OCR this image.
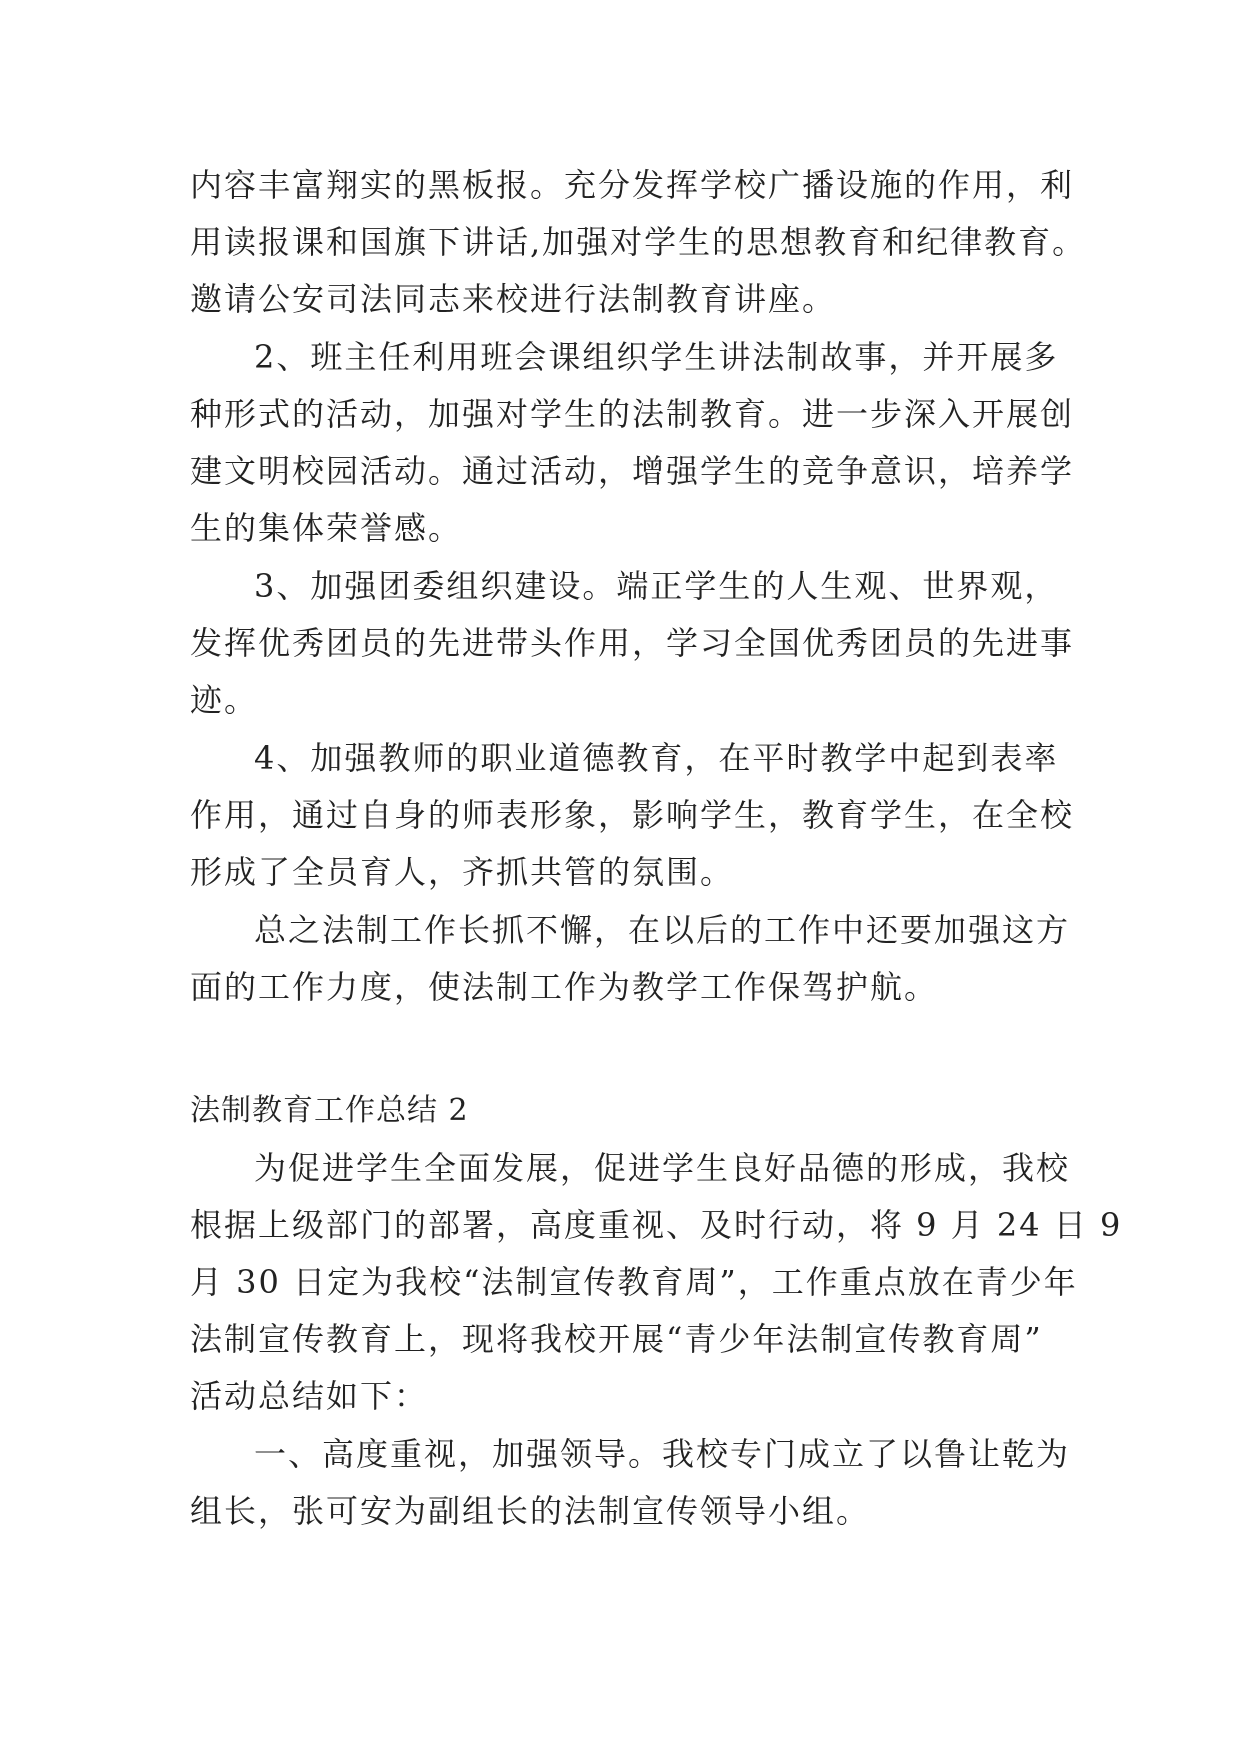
内容丰富翔实的黑板报。充分发挥学校广播设施的作用，利
用读报课和国旗下讲话,加强对学生的思想教育和纪律教育。
邀请公安司法同志来校进行法制教育讲座。
2、班主任利用班会课组织学生讲法制故事，并开展多
种形式的活动，加强对学生的法制教育。进一步深入开展创
建文明校园活动。通过活动，增强学生的竞争意识，培养学
生的集体荣誉感。
3、加强团委组织建设。端正学生的人生观、世界观，
发挥优秀团员的先进带头作用，学习全国优秀团员的先进事
迹。
4、加强教师的职业道德教育，在平时教学中起到表率
作用，通过自身的师表形象，影响学生，教育学生，在全校
形成了全员育人，齐抓共管的氛围。
总之法制工作长抓不懈，在以后的工作中还要加强这方
面的工作力度，使法制工作为教学工作保驾护航。
法制教育工作总结 2
为促进学生全面发展，促进学生良好品德的形成，我校
根据上级部门的部署，高度重视、及时行动，将 9 月 24 日 9
月 30 日定为我校“法制宣传教育周”，工作重点放在青少年
法制宣传教育上，现将我校开展“青少年法制宣传教育周”
活动总结如下：
一、高度重视，加强领导。我校专门成立了以鲁让乾为
组长，张可安为副组长的法制宣传领导小组。
